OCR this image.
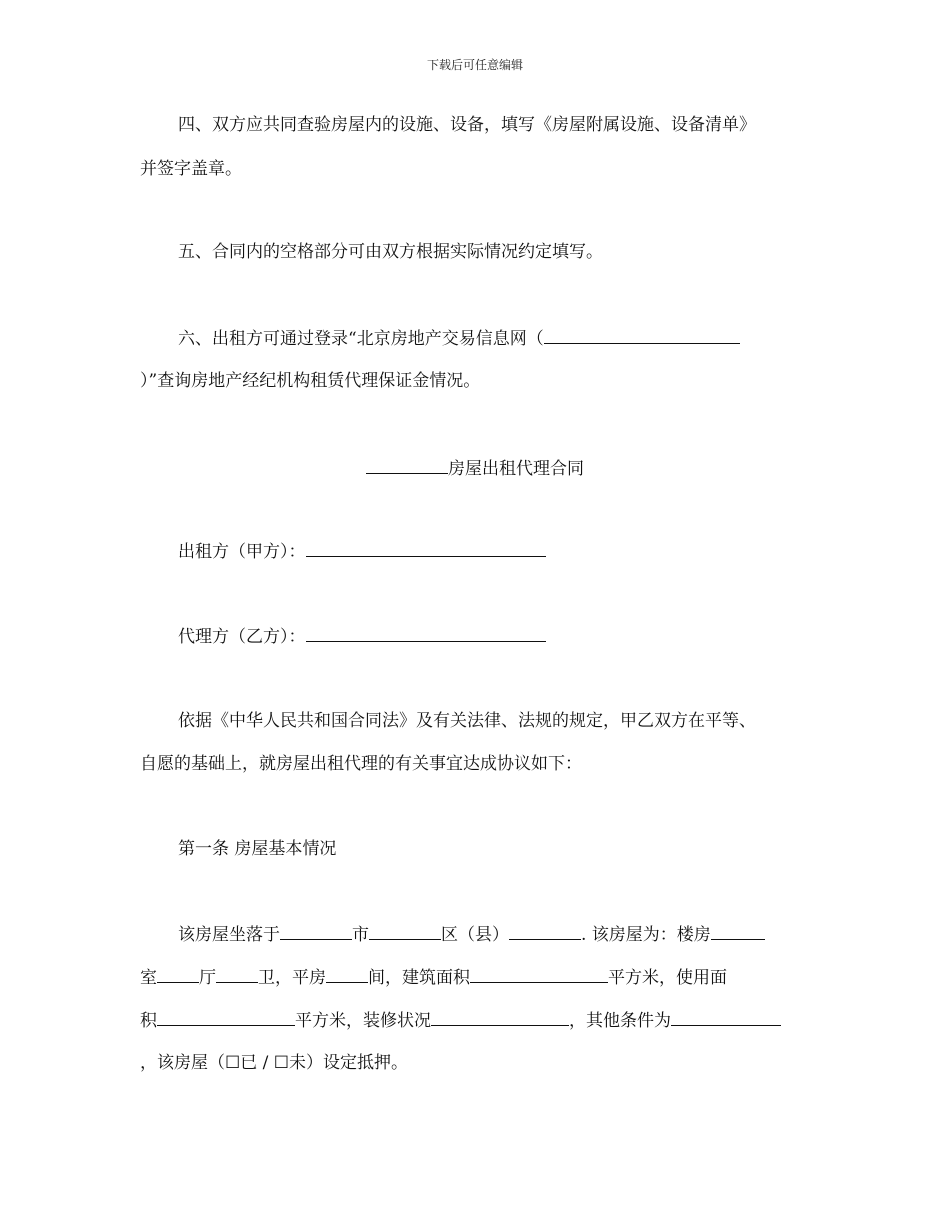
下载后可任意编辑
四、双方应共同查验房屋内的设施、设备，填写《房屋附属设施、设备清单》
并签字盖章。
五、合同内的空格部分可由双方根据实际情况约定填写。
六、出租方可通过登录“北京房地产交易信息网（
）”查询房地产经纪机构租赁代理保证金情况。
房屋出租代理合同
出租方（甲方）：
代理方（乙方）：
依据《中华人民共和国合同法》及有关法律、法规的规定，甲乙双方在平等、
自愿的基础上，就房屋出租代理的有关事宜达成协议如下：
第一条 房屋基本情况
该房屋坐落于	市	区（县）	. 该房屋为：楼房
室 厅 卫，平房 间，建筑面积	平方米，使用面
积	平方米，装修状况	，其他条件为
，该房屋（☐已 / ☐未）设定抵押。
